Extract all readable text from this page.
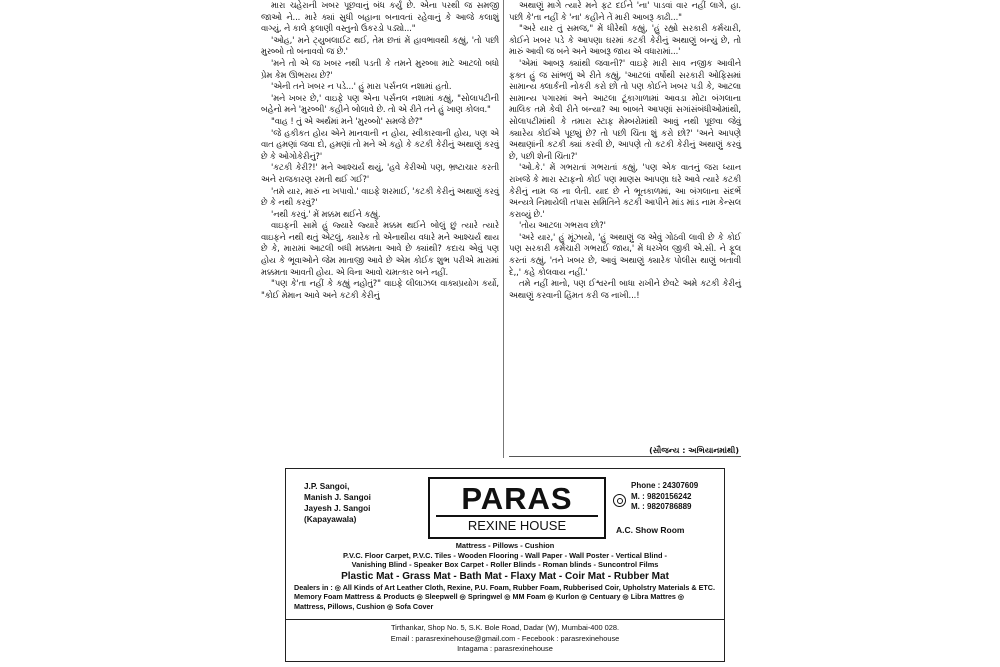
મારા ચહેરાની ખબર પૂછવાનું બંધ કર્યું છે. એના પરથી જ સમજી જાઓ ને... મારે ક્યાં સુધી બહાના બનાવતાં રહેવાનું કે આજે કલાશું વાગ્યું, ને કાલે ફલાણી વસ્તુનો ઉકરડો પડ્યો..."

'ઓહ,' મને ટ્યુબલાઈટ થઈ, તેમ છતાં મેં હાવભાવથી કહ્યું, 'તો પછી મુરબ્બો તો બનાવવો જ છે.'

'મને તો એ જ ખબર નથી પડતી કે તમને મુરબ્બા માટે આટલો બધો પ્રેમ કેમ ઊભરાય છે?'

'એની તને ખબર ન પડે...' હું મારા પર્સનલ નશામાં હતો.

'મને ખબર છે,' વાઇફે પણ એના પર્સનલ નશામાં કહ્યું, "સોલાપટીની બહેનો મને 'મુરબ્બી' કહીને બોલાવે છે. તો એ રીતે તને હું ખાણ કોલવ."

"વાહ ! તું એ અર્થમાં મને 'મુરબ્બો' સમજે છે?"

'જે હકીકત હોય એને માનવાની ન હોય, સ્વીકારવાની હોય, પણ એ વાત હમણાં જવા દો, હમણાં તો મને એ કહો કે કટકી કેરીનું અથાણું કરવું છે કે ઓગોકેરીનું?'

'કટકી કેરી?!' મને આશ્ચર્ય થયું, 'હવે કેરીઓ પણ, ભ્રષ્ટાચાર કરતી અને રાજકારણ રમતી થઈ ગઈ?'

'તમે યાર, મારું ના ખપાવો.' વાઇફે શરમાઈ, 'કટકી કેરીનું અથાણું કરવું છે કે નથી કરવું?'

'નથી કરવું.' મેં મક્કમ થઈને કહ્યું.

વાઇફની સામે હું જ્યારે જ્યારે મક્કમ થઈને બોલું છું ત્યારે ત્યારે વાઇફને નથી થતું એટલું, ક્યારેક તો એનાથીય વધારે મને આશ્ચર્ય થાય છે કે, મારામાં આટલી બધી મક્કમતા આવે છે ક્યાંથી? કદાચ એવું પણ હોય કે ભૂવાઓને જેમ માતાજી આવે છે એમ કોઈક શુભ પરીએ મારામાં મક્કમતા આવતી હોય. એ વિના આવો ચમત્કાર બને નહીં.

"પણ કે'તા નહીં કે કહ્યું નહોતું?" વાઇફે લીલાઝલ વાક્યપ્રયોગ કર્યો, "કોઈ મેમાન આવે અને કટકી કેરીનું

અથાણું માગે ત્યારે મને ફટ દઈને 'ના' પાડવાં વાર નહીં લાગે, હા. પછી કે'તા નહીં કે 'ના' કહીને તેં મારી આબરૂ કાઢી..."

"અરે યાર તું સમજ," મેં ધીરેથી કહ્યું, 'હું રહ્યો સરકારી કર્મચારી, કોઈને ખબર પડે કે આપણા ઘરમાં કટકી કેરીનું અથાણું બન્યું છે, તો મારું આવી જ બને અને આબરૂ જાય એ વધારામાં...'

'એમાં આબરૂ ક્યાંથી જવાની?' વાઇફે મારી સાવ નજીક આવીને ફક્ત હું જ સાંભળું એ રીતે કહ્યું, 'આટલાં વર્ષોથી સરકારી ઓફિસમાં સામાન્ય ક્લાર્કની નોકરી કરો છો તો પણ કોઈને ખબર પડી કે, આટલા સામાન્ય પગારમાં અને આટલા ટૂંકાગાળામાં આવડા મોટા બંગલાના માલિક તમે કેવી રીતે બન્યા? આ બાબતે આપણાં સગાંસંબંધીઓમાંથી, સોલાપટીમાંથી કે તમારા સ્ટાફ મેમ્બરોમાંથી આવું નથી પૂછવા જેવું ક્યારેય કોઈએ પૂછ્યું છે? તો પછી ચિંતા શું કરો છો?' 'અને આપણે અથાણાંની કટકી ક્યાં કરવી છે, આપણે તો કટકી કેરીનું અથાણું કરવું છે, પછી શેની ચિંતા?'

'ઓ.કે.' મેં ગભરાતાં ગભરાતાં કહ્યું, 'પણ એક વાતનું જરા ધ્યાન રાખજે કે મારા સ્ટાફનો કોઈ પણ માણસ આપણા ઘરે આવે ત્યારે કટકી કેરીનું નામ જ ના લેતી. યાદ છે ને ભૂતકાળમાં, આ બંગલાના સંદર્ભે અન્યત્રે નિમાયેલી તપાસ સમિતિને કટકી આપીને માંડ માંડ નામ કેન્સલ કરાવ્યું છે.'

'તોય આટલા ગભરાવ છો?'

'અરે યાર,' હું મૂંઝાયો, 'હું અથાણું જ એવું ગોઠવી લાવી છે કે કોઈ પણ સરકારી કર્મચારી ગભરાઈ જાય,' મેં ધરખેલ જીકી એ.સી. ને ફૂલ કરતાં કહ્યું, 'તને ખબર છે, આવું અથાણું ક્યારેક પોલીસ થાણું બતાવી દે,,' કહે કોલવાય નહીં.'

તમે નહીં માનો, પણ ઈશ્વરની બાધા રાખીને છેવટે અમે કટકી કેરીનું અથાણું કરવાની હિંમત કરી જ નાખી...!

(સૌજન્ય : અભિયાનમાંથી)
J.P. Sangoi,
Manish J. Sangoi
Jayesh J. Sangoi
(Kapayawala)
PARAS
REXINE HOUSE
Phone : 24307609
M. : 9820156242
M. : 9820786889
A.C. Show Room
Mattress - Pillows - Cushion
P.V.C. Floor Carpet, P.V.C. Tiles - Wooden Flooring - Wall Paper - Wall Poster - Vertical Blind -
Vanishing Blind - Speaker Box Carpet - Roller Blinds - Roman blinds - Suncontrol Films
Plastic Mat - Grass Mat - Bath Mat - Flaxy Mat - Coir Mat - Rubber Mat
Dealers in : ◎ All Kinds of Art Leather Cloth, Rexine, P.U. Foam, Rubber Foam, Rubberised Coir, Upholstry Materials & ETC. Memory Foam Mattress & Products ◎ Sleepwell ◎ Springwel ◎ MM Foam ◎ Kurlon ◎ Centuary ◎ Libra Mattres ◎ Mattress, Pillows, Cushion ◎ Sofa Cover
Tirthankar, Shop No. 5, S.K. Bole Road, Dadar (W), Mumbai-400 028.
Email : parasrexinehouse@gmail.com - Fecebook : parasrexinehouse
Intagama : parasrexinehouse
